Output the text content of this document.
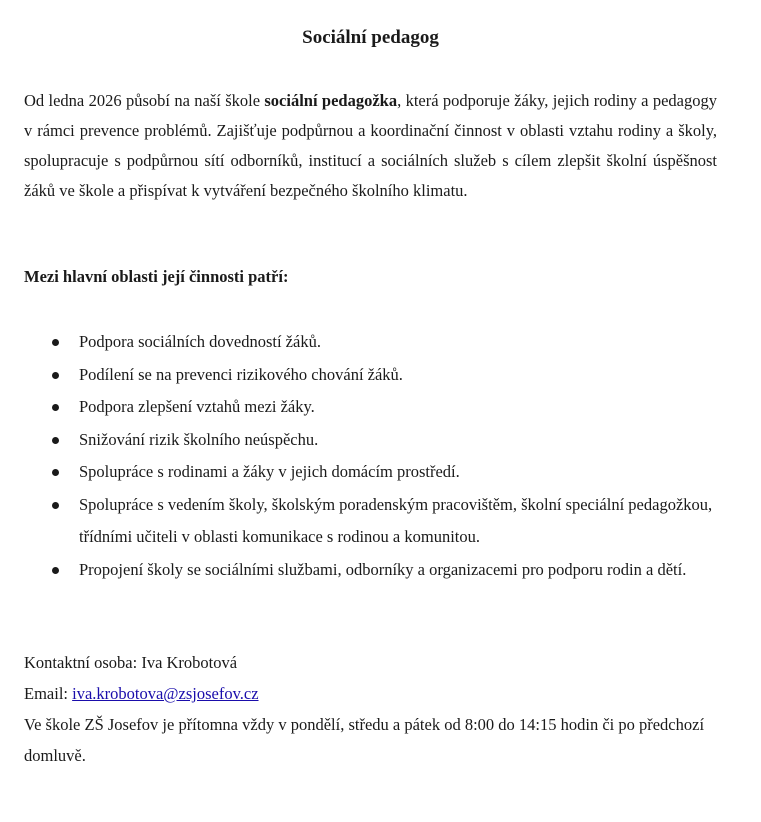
Sociální pedagog

Od ledna 2026 působí na naší škole sociální pedagožka, která podporuje žáky, jejich rodiny a pedagogy v rámci prevence problémů. Zajišťuje podpůrnou a koordinační činnost v oblasti vztahu rodiny a školy, spolupracuje s podpůrnou sítí odborníků, institucí a sociálních služeb s cílem zlepšit školní úspěšnost žáků ve škole a přispívat k vytváření bezpečného školního klimatu.

Mezi hlavní oblasti její činnosti patří:

Podpora sociálních dovedností žáků.
Podílení se na prevenci rizikového chování žáků.
Podpora zlepšení vztahů mezi žáky.
Snižování rizik školního neúspěchu.
Spolupráce s rodinami a žáky v jejich domácím prostředí.
Spolupráce s vedením školy, školským poradenským pracovištěm, školní speciální pedagožkou, třídními učiteli v oblasti komunikace s rodinou a komunitou.
Propojení školy se sociálními službami, odborníky a organizacemi pro podporu rodin a dětí.

Kontaktní osoba: Iva Krobotová

Email: iva.krobotova@zsjosefov.cz

Ve škole ZŠ Josefov je přítomna vždy v pondělí, středu a pátek od 8:00 do 14:15 hodin či po předchozí domluvě.
